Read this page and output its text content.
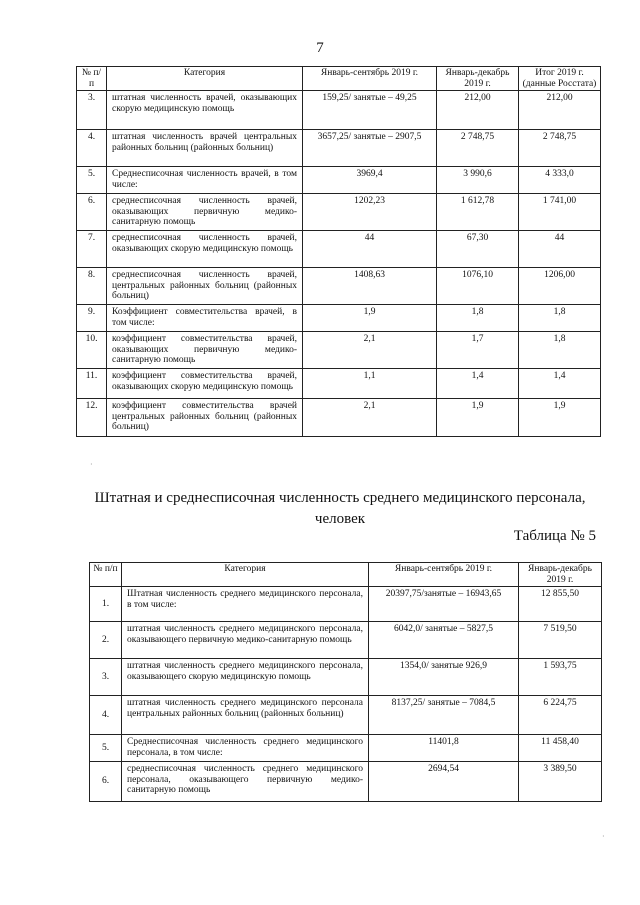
7
№ п/п	Категория	Январь-сентябрь 2019 г.	Январь-декабрь 2019 г.	Итог 2019 г. (данные Росстата)
3.	штатная численность врачей, оказывающих скорую медицинскую помощь	159,25/ занятые – 49,25	212,00	212,00
4.	штатная численность врачей центральных районных больниц (районных больниц)	3657,25/ занятые – 2907,5	2 748,75	2 748,75
5.	Среднесписочная численность врачей, в том числе:	3969,4	3 990,6	4 333,0
6.	среднесписочная численность врачей, оказывающих первичную медико-санитарную помощь	1202,23	1 612,78	1 741,00
7.	среднесписочная численность врачей, оказывающих скорую медицинскую помощь	44	67,30	44
8.	среднесписочная численность врачей, центральных районных больниц (районных больниц)	1408,63	1076,10	1206,00
9.	Коэффициент совместительства врачей, в том числе:	1,9	1,8	1,8
10.	коэффициент совместительства врачей, оказывающих первичную медико-санитарную помощь	2,1	1,7	1,8
11.	коэффициент совместительства врачей, оказывающих скорую медицинскую помощь	1,1	1,4	1,4
12.	коэффициент совместительства врачей центральных районных больниц (районных больниц)	2,1	1,9	1,9
Штатная и среднесписочная численность среднего медицинского персонала, человек
Таблица № 5
№ п/п	Категория	Январь-сентябрь 2019 г.	Январь-декабрь 2019 г.
1.	Штатная численность среднего медицинского персонала, в том числе:	20397,75/занятые – 16943,65	12 855,50
2.	штатная численность среднего медицинского персонала, оказывающего первичную медико-санитарную помощь	6042,0/ занятые – 5827,5	7 519,50
3.	штатная численность среднего медицинского персонала, оказывающего скорую медицинскую помощь	1354,0/ занятые 926,9	1 593,75
4.	штатная численность среднего медицинского персонала центральных районных больниц (районных больниц)	8137,25/ занятые – 7084,5	6 224,75
5.	Среднесписочная численность среднего медицинского персонала, в том числе:	11401,8	11 458,40
6.	среднесписочная численность среднего медицинского персонала, оказывающего первичную медико-санитарную помощь	2694,54	3 389,50
·
·
